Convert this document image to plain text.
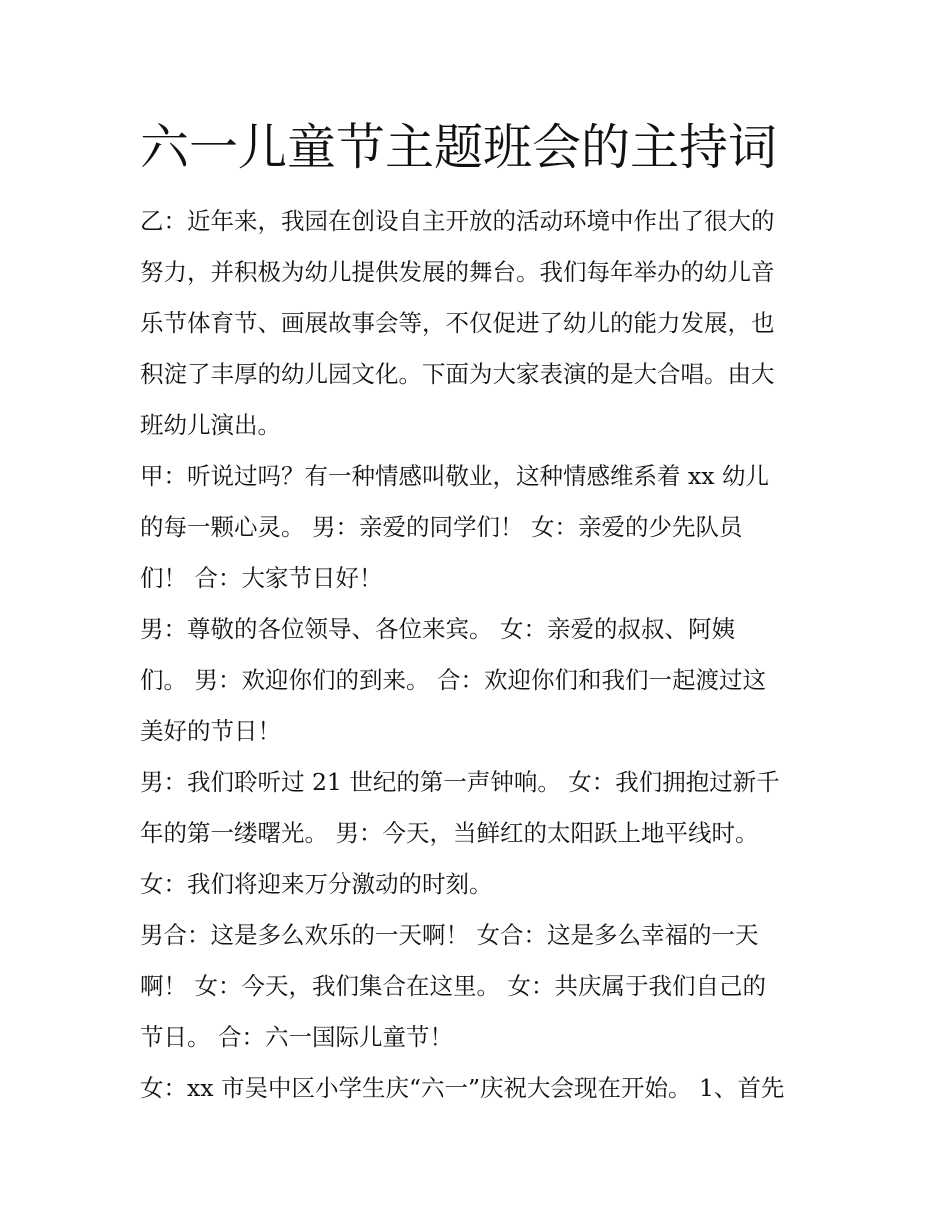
六一儿童节主题班会的主持词
乙：近年来，我园在创设自主开放的活动环境中作出了很大的
努力，并积极为幼儿提供发展的舞台。我们每年举办的幼儿音
乐节体育节、画展故事会等，不仅促进了幼儿的能力发展，也
积淀了丰厚的幼儿园文化。下面为大家表演的是大合唱。由大
班幼儿演出。
甲：听说过吗？有一种情感叫敬业，这种情感维系着 xx 幼儿
的每一颗心灵。 男：亲爱的同学们！ 女：亲爱的少先队员
们！ 合：大家节日好！
男：尊敬的各位领导、各位来宾。 女：亲爱的叔叔、阿姨
们。 男：欢迎你们的到来。 合：欢迎你们和我们一起渡过这
美好的节日！
男：我们聆听过 21 世纪的第一声钟响。 女：我们拥抱过新千
年的第一缕曙光。 男：今天，当鲜红的太阳跃上地平线时。
女：我们将迎来万分激动的时刻。
男合：这是多么欢乐的一天啊！ 女合：这是多么幸福的一天
啊！ 女：今天，我们集合在这里。 女：共庆属于我们自己的
节日。 合：六一国际儿童节！
女：xx 市吴中区小学生庆“六一”庆祝大会现在开始。 1、首先
